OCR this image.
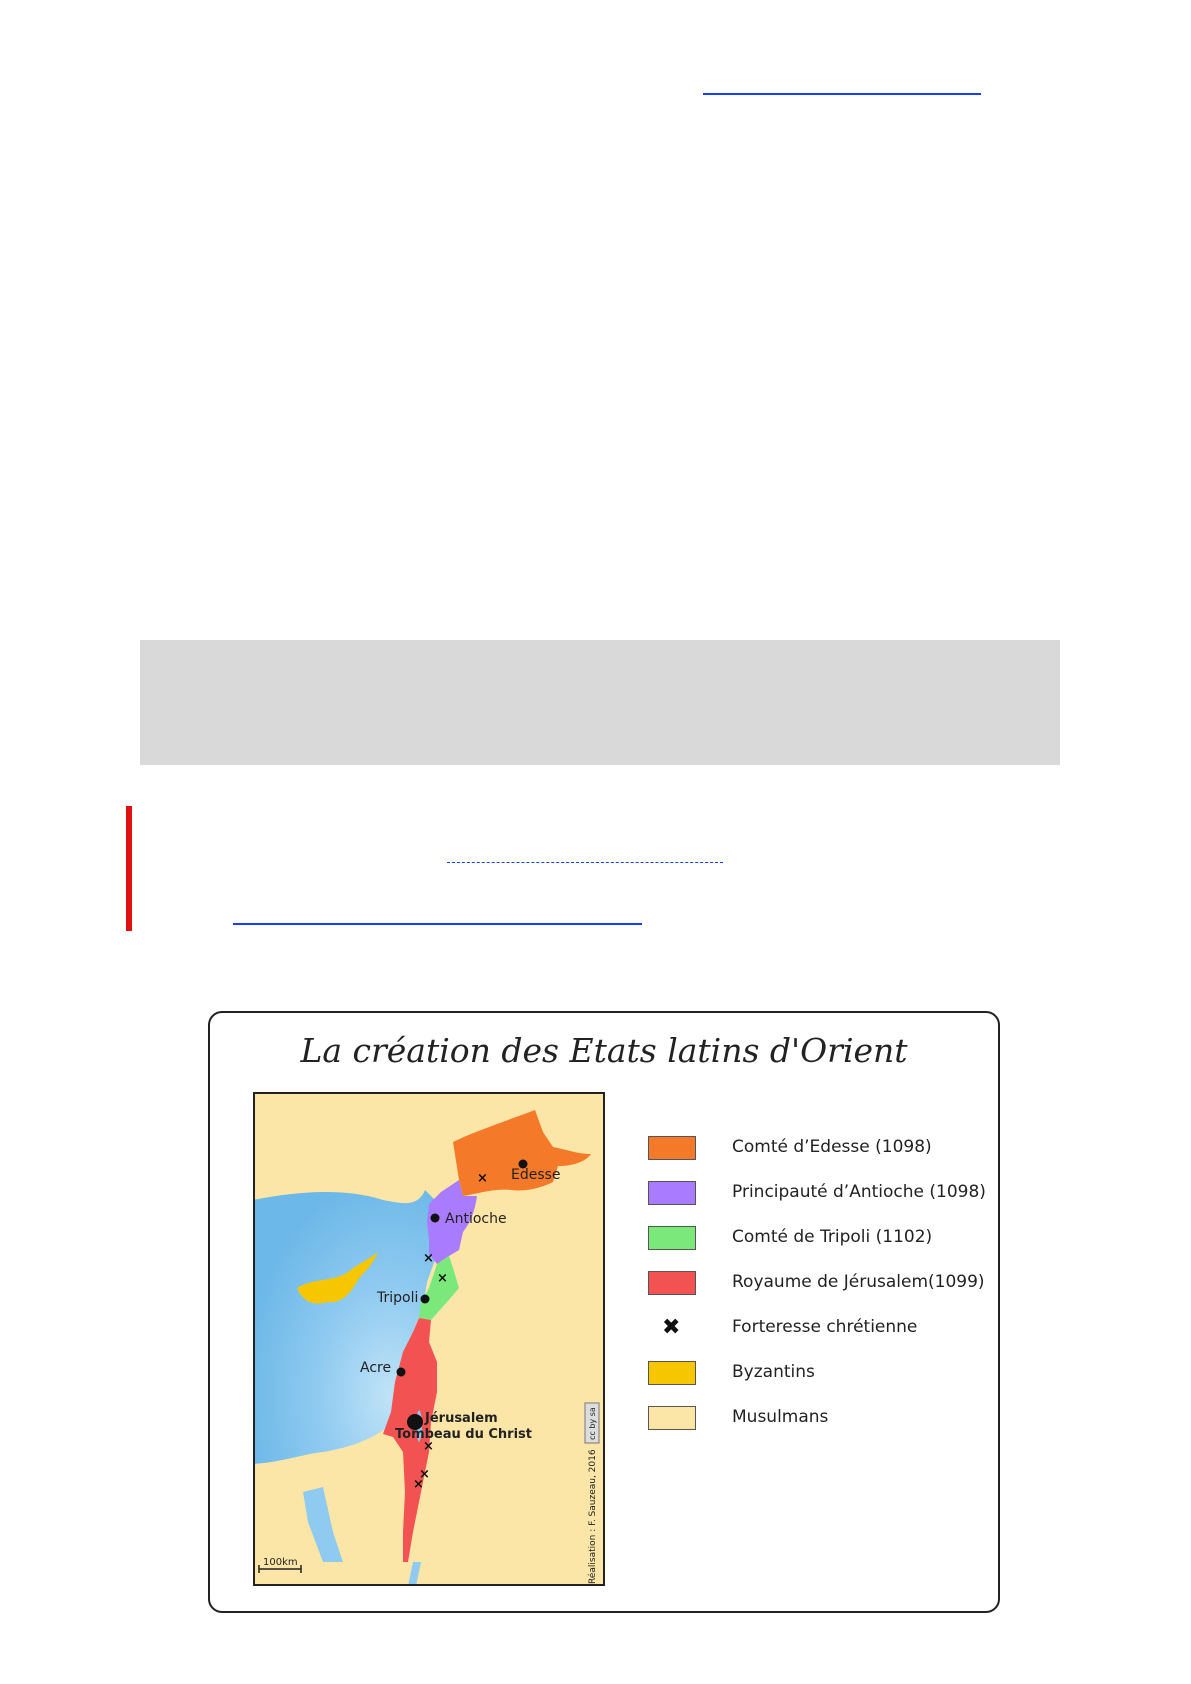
La création des Etats latins d'Orient
×
×
×
×
×
×
Edesse
Antioche
Tripoli
Acre
Jérusalem
Tombeau du Christ
100km	Réalisation : F. Sauzeau, 2016
cc by sa
Comté d’Edesse (1098)
Principauté d’Antioche (1098)
Comté de Tripoli (1102)
Royaume de Jérusalem(1099)
✖	Forteresse chrétienne
Byzantins
Musulmans
